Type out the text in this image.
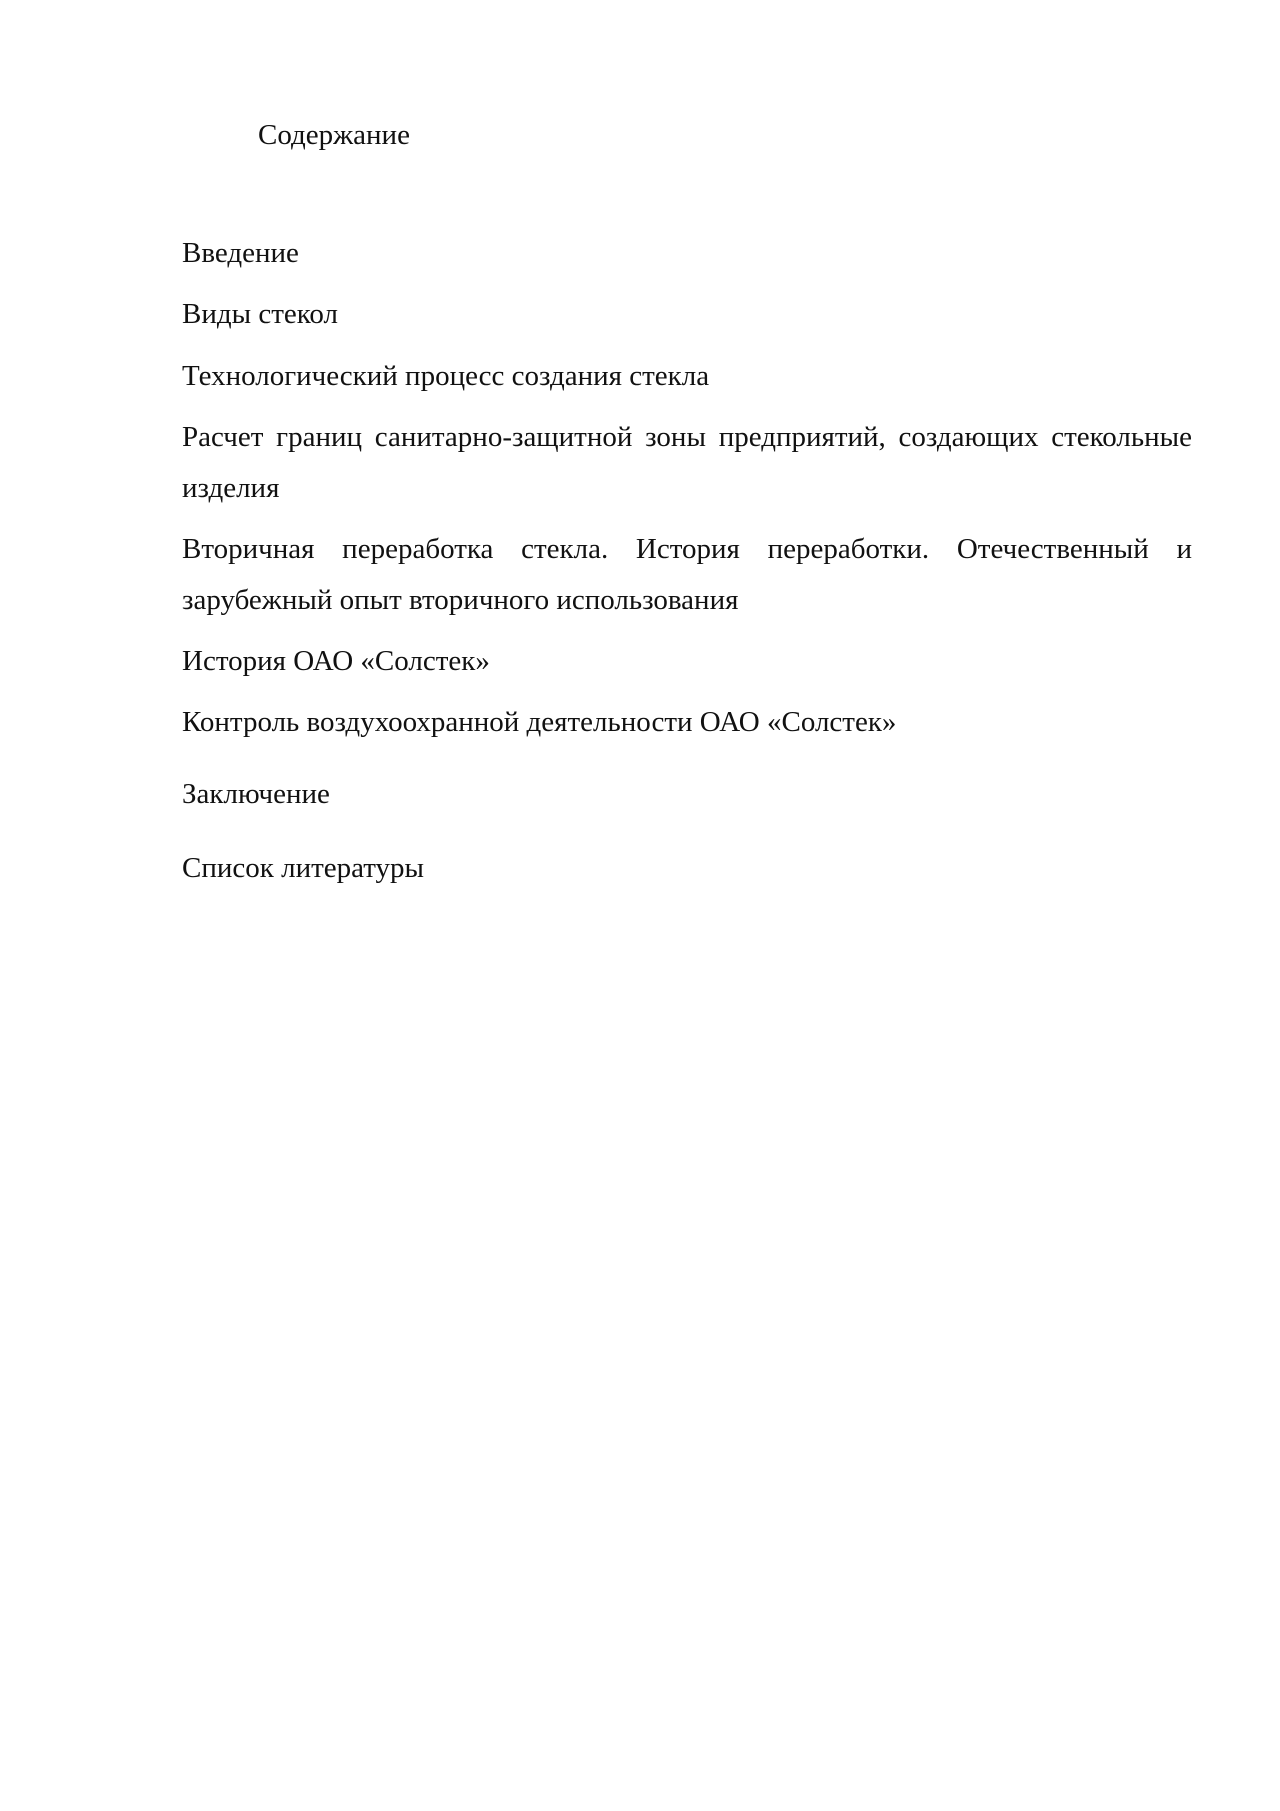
Содержание

Введение

Виды стекол

Технологический процесс создания стекла

Расчет границ санитарно-защитной зоны предприятий, создающих стекольные изделия

Вторичная переработка стекла. История переработки. Отечественный и зарубежный опыт вторичного использования

История ОАО «Солстек»

Контроль воздухоохранной деятельности ОАО «Солстек»

Заключение

Список литературы
